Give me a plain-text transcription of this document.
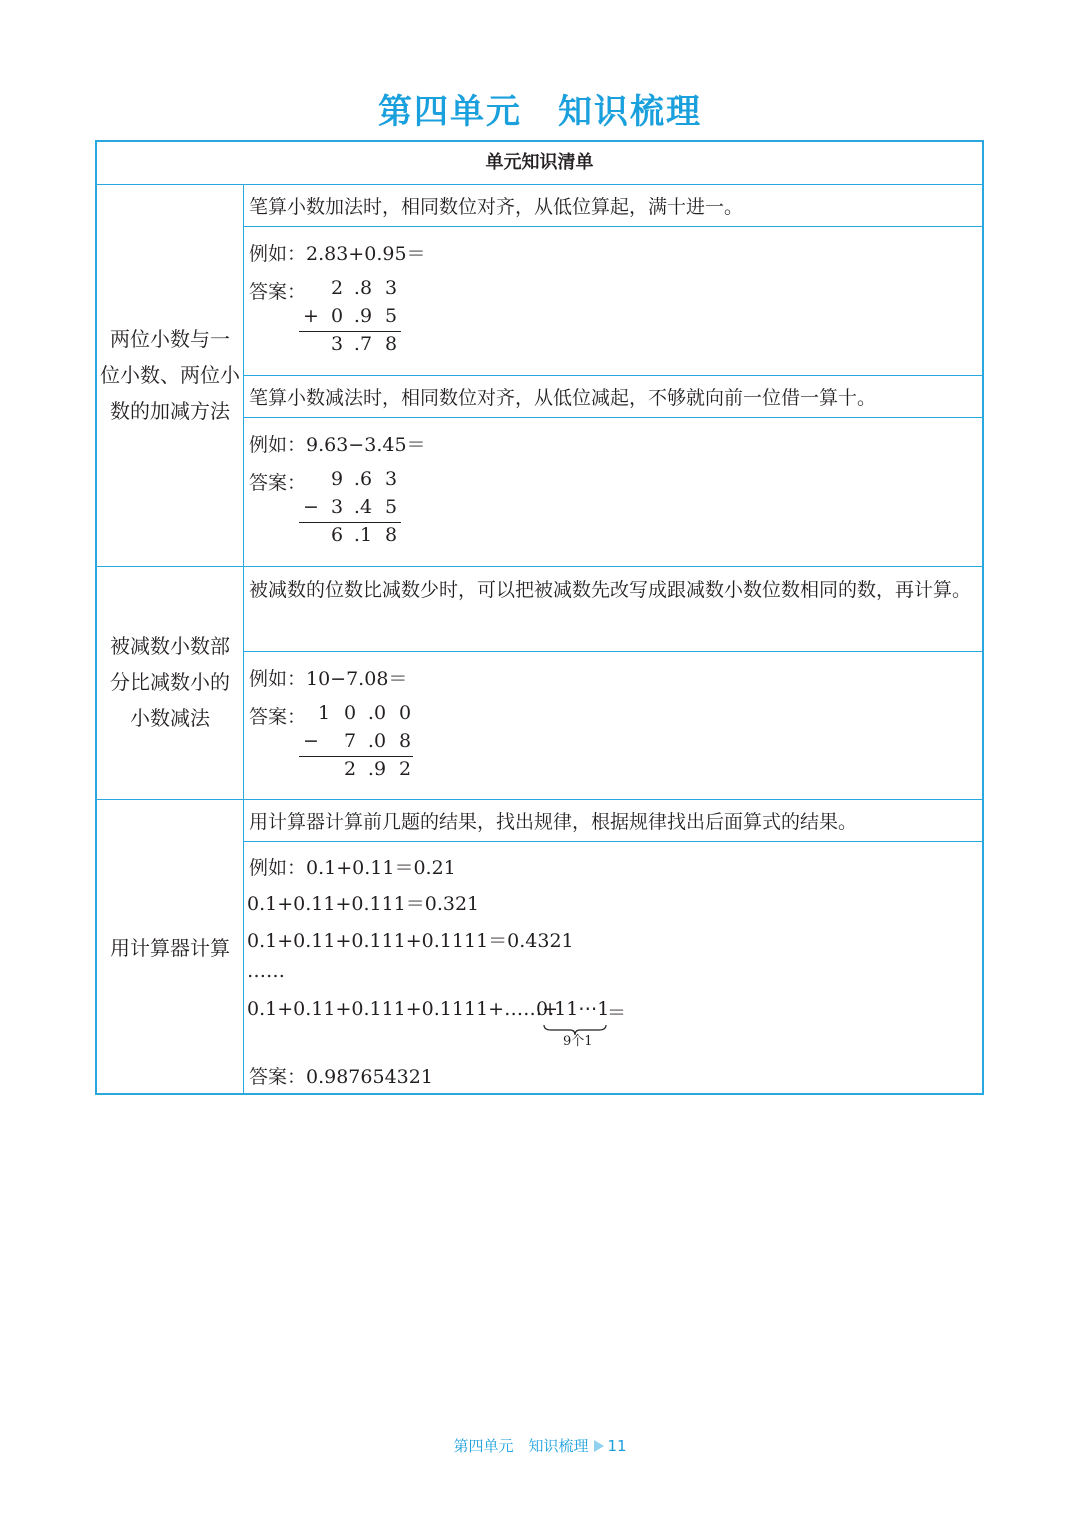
第四单元　知识梳理
单元知识清单
两位小数与一
位小数、两位小
数的加减方法
笔算小数加法时，相同数位对齐，从低位算起，满十进一。
例如：2.83+0.95＝
答案： 2 .8 3
+ 0 .9 5
3 .7 8
笔算小数减法时，相同数位对齐，从低位减起，不够就向前一位借一算十。
例如：9.63−3.45＝
答案： 9 .6 3
− 3 .4 5
6 .1 8
被减数小数部
分比减数小的
小数减法
被减数的位数比减数少时，可以把被减数先改写成跟减数小数位数相同的数，再计算。
例如：10−7.08＝
答案： 1 0 .0 0
− 7 .0 8
2 .9 2
用计算器计算
用计算器计算前几题的结果，找出规律，根据规律找出后面算式的结果。
例如：0.1+0.11＝0.21
0.1+0.11+0.111＝0.321
0.1+0.11+0.111+0.1111＝0.4321
……
0.1+0.11+0.111+0.1111+……+
0.11⋯1
＝
9个1
答案：0.987654321
第四单元　知识梳理 11
